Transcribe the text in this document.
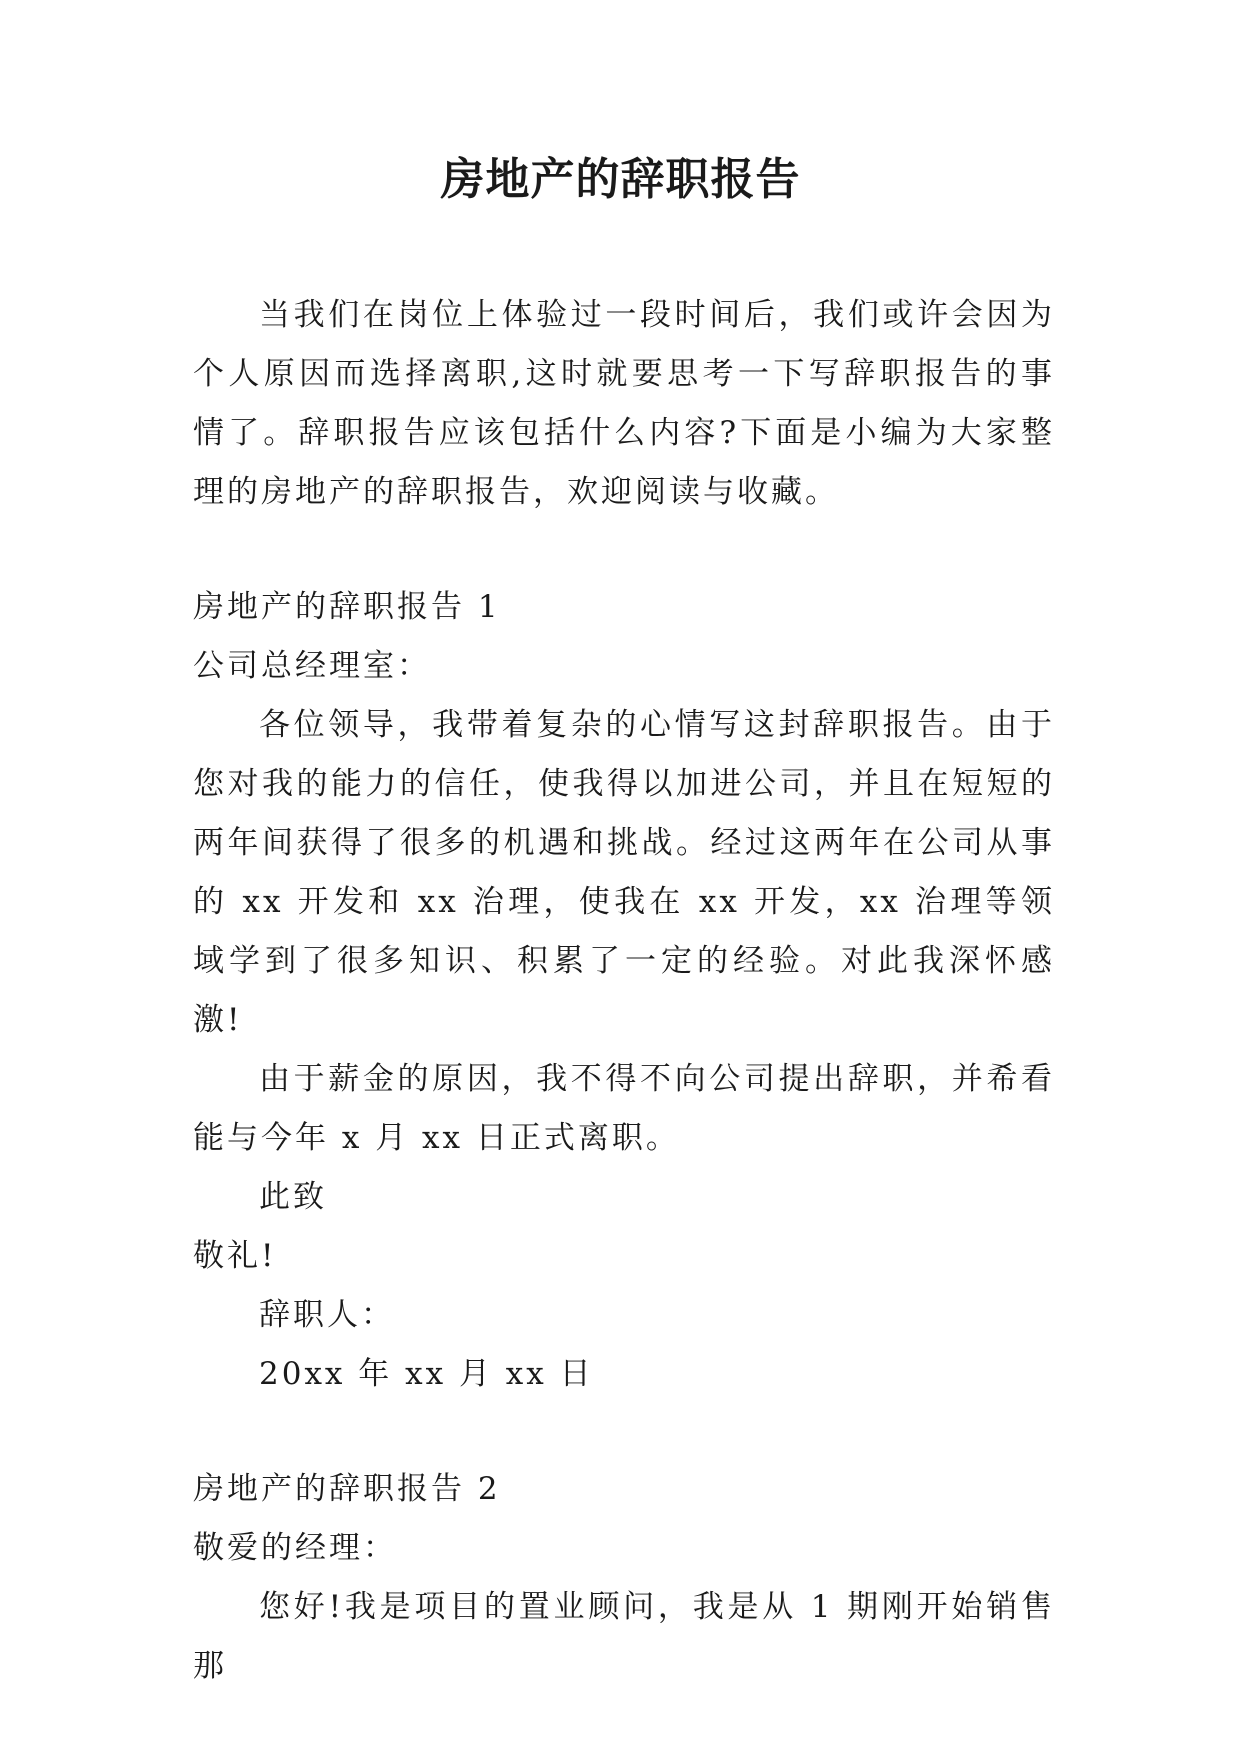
房地产的辞职报告

当我们在岗位上体验过一段时间后，我们或许会因为个人原因而选择离职,这时就要思考一下写辞职报告的事情了。辞职报告应该包括什么内容?下面是小编为大家整理的房地产的辞职报告，欢迎阅读与收藏。

房地产的辞职报告 1

公司总经理室：

各位领导，我带着复杂的心情写这封辞职报告。由于您对我的能力的信任，使我得以加进公司，并且在短短的两年间获得了很多的机遇和挑战。经过这两年在公司从事的 xx 开发和 xx 治理，使我在 xx 开发，xx 治理等领域学到了很多知识、积累了一定的经验。对此我深怀感激!

由于薪金的原因，我不得不向公司提出辞职，并希看能与今年 x 月 xx 日正式离职。

此致

敬礼!

辞职人：

20xx 年 xx 月 xx 日

房地产的辞职报告 2

敬爱的经理：

您好!我是项目的置业顾问，我是从 1 期刚开始销售那
